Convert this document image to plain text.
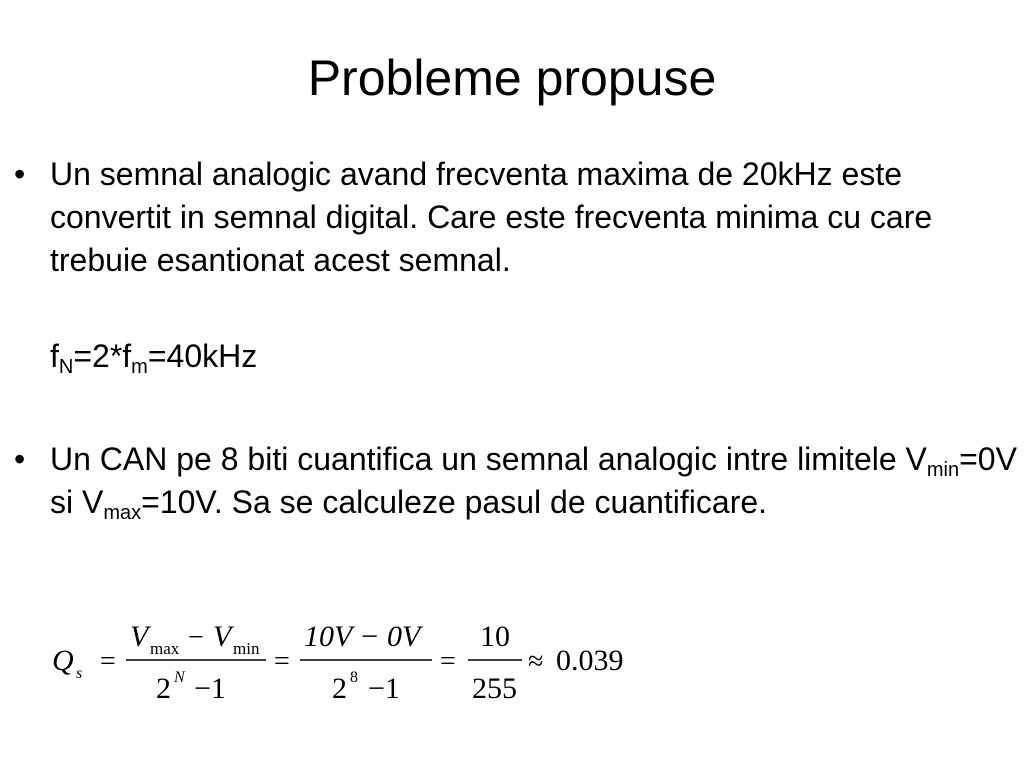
Probleme propuse
• Un semnal analogic avand frecventa maxima de 20kHz este convertit in semnal digital. Care este frecventa minima cu care trebuie esantionat acest semnal.

$f_N=2*f_m=40kHz$
• Un CAN pe 8 biti cuantifica un semnal analogic intre limitele $V_{min}=0V$ si $V_{max}=10V$. Sa se calculeze pasul de cuantificare.

Q s =
V max − V min
2 N −1
=
10V − 0V
2 8 −1
=
10
255
≈ 0.039
